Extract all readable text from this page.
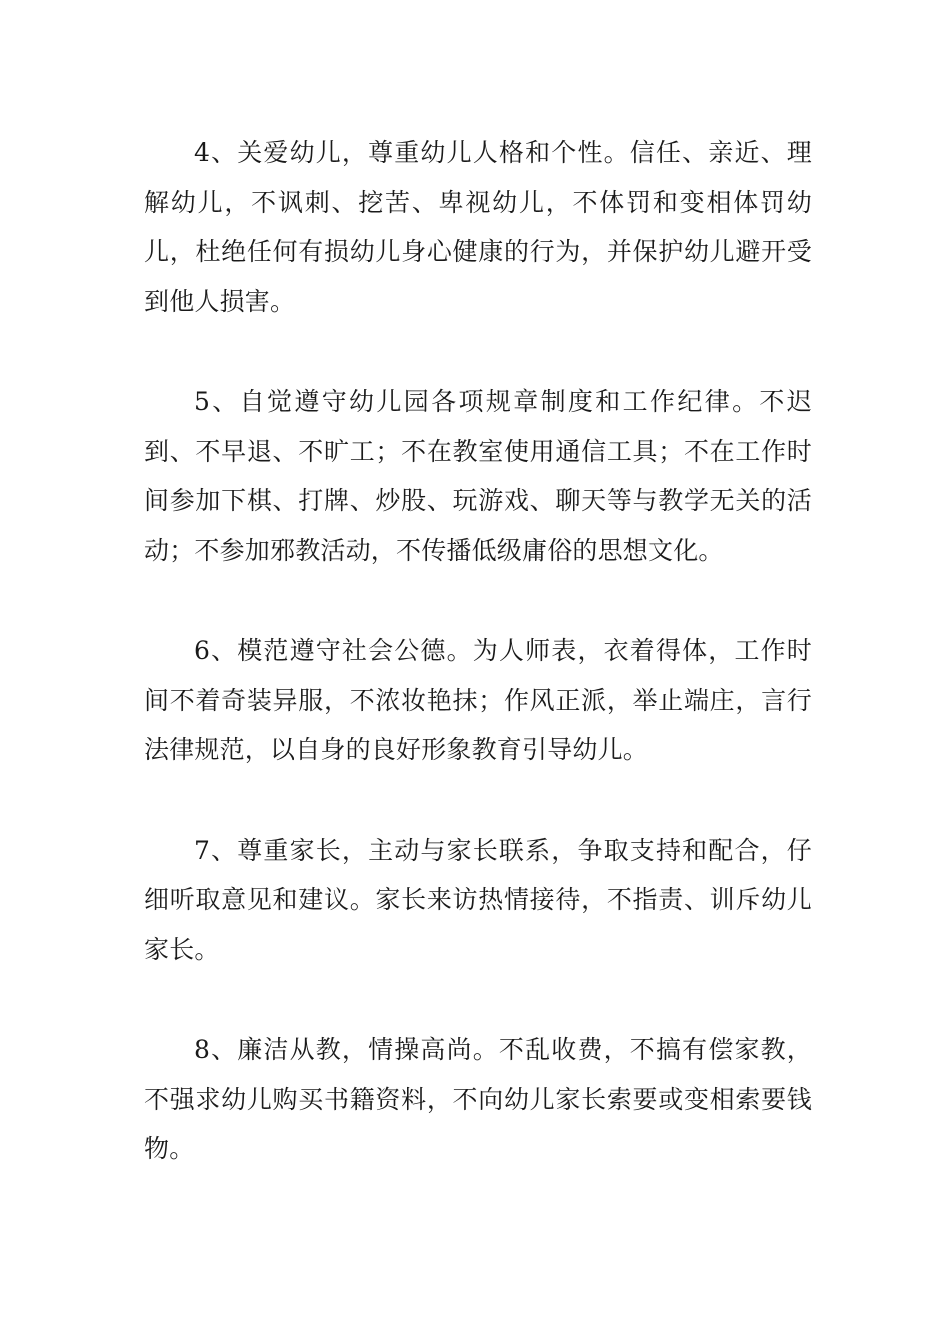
4、关爱幼儿，尊重幼儿人格和个性。信任、亲近、理解幼儿，不讽刺、挖苦、卑视幼儿，不体罚和变相体罚幼儿，杜绝任何有损幼儿身心健康的行为，并保护幼儿避开受到他人损害。

5、自觉遵守幼儿园各项规章制度和工作纪律。不迟到、不早退、不旷工；不在教室使用通信工具；不在工作时间参加下棋、打牌、炒股、玩游戏、聊天等与教学无关的活动；不参加邪教活动，不传播低级庸俗的思想文化。

6、模范遵守社会公德。为人师表，衣着得体，工作时间不着奇装异服，不浓妆艳抹；作风正派，举止端庄，言行法律规范，以自身的良好形象教育引导幼儿。

7、尊重家长，主动与家长联系，争取支持和配合，仔细听取意见和建议。家长来访热情接待，不指责、训斥幼儿家长。

8、廉洁从教，情操高尚。不乱收费，不搞有偿家教，不强求幼儿购买书籍资料，不向幼儿家长索要或变相索要钱物。
